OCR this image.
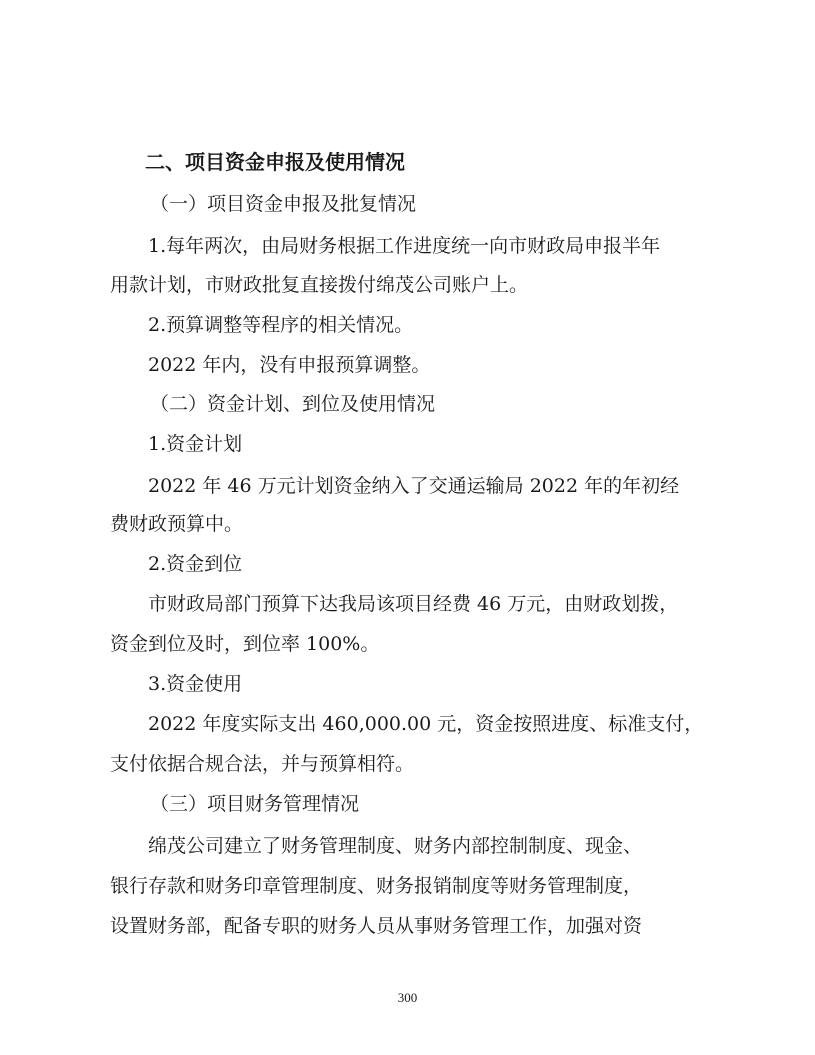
二、项目资金申报及使用情况
（一）项目资金申报及批复情况
1.每年两次，由局财务根据工作进度统一向市财政局申报半年
用款计划，市财政批复直接拨付绵茂公司账户上。
2.预算调整等程序的相关情况。
2022 年内，没有申报预算调整。
（二）资金计划、到位及使用情况
1.资金计划
2022 年 46 万元计划资金纳入了交通运输局 2022 年的年初经
费财政预算中。
2.资金到位
市财政局部门预算下达我局该项目经费 46 万元，由财政划拨，
资金到位及时，到位率 100%。
3.资金使用
2022 年度实际支出 460,000.00 元，资金按照进度、标准支付，
支付依据合规合法，并与预算相符。
（三）项目财务管理情况
绵茂公司建立了财务管理制度、财务内部控制制度、现金、
银行存款和财务印章管理制度、财务报销制度等财务管理制度，
设置财务部，配备专职的财务人员从事财务管理工作，加强对资
300
